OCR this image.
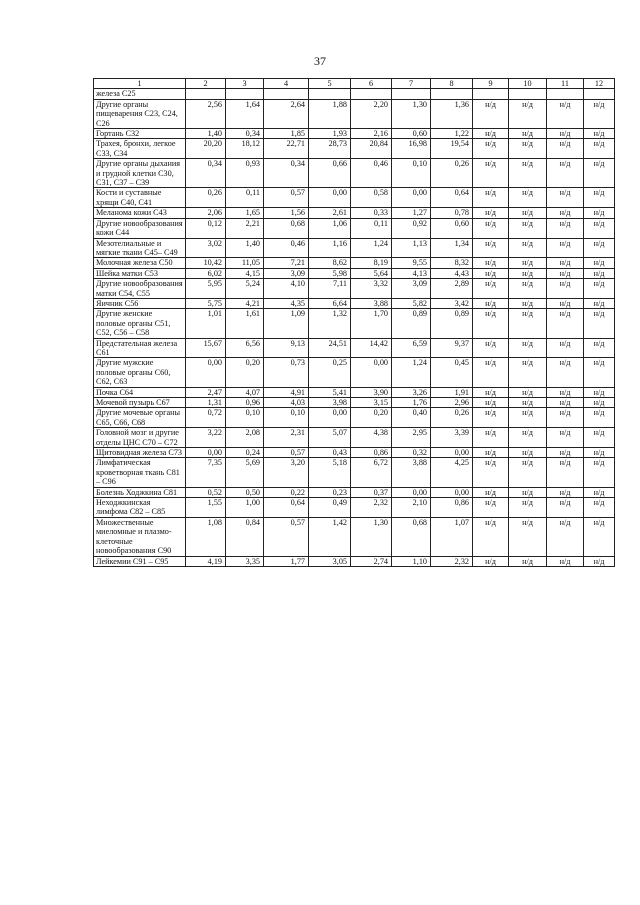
37
1	2	3	4	5	6	7	8	9	10	11	12
железа С25											
Другие органы пищеварения С23, С24, С26	2,56	1,64	2,64	1,88	2,20	1,30	1,36	н/д	н/д	н/д	н/д
Гортань С32	1,40	0,34	1,85	1,93	2,16	0,60	1,22	н/д	н/д	н/д	н/д
Трахея, бронхи, легкое С33, С34	20,20	18,12	22,71	28,73	20,84	16,98	19,54	н/д	н/д	н/д	н/д
Другие органы дыхания и грудной клетки С30, С31, С37 – С39	0,34	0,93	0,34	0,66	0,46	0,10	0,26	н/д	н/д	н/д	н/д
Кости и суставные хрящи С40, С41	0,26	0,11	0,57	0,00	0,58	0,00	0,64	н/д	н/д	н/д	н/д
Меланома кожи С43	2,06	1,65	1,56	2,61	0,33	1,27	0,78	н/д	н/д	н/д	н/д
Другие новообразования кожи С44	0,12	2,21	0,68	1,06	0,11	0,92	0,60	н/д	н/д	н/д	н/д
Мезотелиальные и мягкие ткани С45– С49	3,02	1,40	0,46	1,16	1,24	1,13	1,34	н/д	н/д	н/д	н/д
Молочная железа С50	10,42	11,05	7,21	8,62	8,19	9,55	8,32	н/д	н/д	н/д	н/д
Шейка матки С53	6,02	4,15	3,09	5,98	5,64	4,13	4,43	н/д	н/д	н/д	н/д
Другие новообразования матки С54, С55	5,95	5,24	4,10	7,11	3,32	3,09	2,89	н/д	н/д	н/д	н/д
Яичник С56	5,75	4,21	4,35	6,64	3,88	5,82	3,42	н/д	н/д	н/д	н/д
Другие женские половые органы С51, С52, С56 – С58	1,01	1,61	1,09	1,32	1,70	0,89	0,89	н/д	н/д	н/д	н/д
Предстательная железа С61	15,67	6,56	9,13	24,51	14,42	6,59	9,37	н/д	н/д	н/д	н/д
Другие мужские половые органы С60, С62, С63	0,00	0,20	0,73	0,25	0,00	1,24	0,45	н/д	н/д	н/д	н/д
Почка С64	2,47	4,07	4,91	5,41	3,90	3,26	1,91	н/д	н/д	н/д	н/д
Мочевой пузырь С67	1,31	0,96	4,03	3,98	3,15	1,76	2,96	н/д	н/д	н/д	н/д
Другие мочевые органы С65, С66, С68	0,72	0,10	0,10	0,00	0,20	0,40	0,26	н/д	н/д	н/д	н/д
Головной мозг и другие отделы ЦНС С70 – С72	3,22	2,08	2,31	5,07	4,38	2,95	3,39	н/д	н/д	н/д	н/д
Щитовидная железа С73	0,00	0,24	0,57	0,43	0,86	0,32	0,00	н/д	н/д	н/д	н/д
Лимфатическая кроветворная ткань С81 – С96	7,35	5,69	3,20	5,18	6,72	3,88	4,25	н/д	н/д	н/д	н/д
Болезнь Ходжкина С81	0,52	0,50	0,22	0,23	0,37	0,00	0,00	н/д	н/д	н/д	н/д
Неходжкинская лимфома С82 – С85	1,55	1,00	0,64	0,49	2,32	2,10	0,86	н/д	н/д	н/д	н/д
Множественные миеломные и плазмо-клеточные новообразования С90	1,08	0,84	0,57	1,42	1,30	0,68	1,07	н/д	н/д	н/д	н/д
Лейкемии С91 – С95	4,19	3,35	1,77	3,05	2,74	1,10	2,32	н/д	н/д	н/д	н/д
